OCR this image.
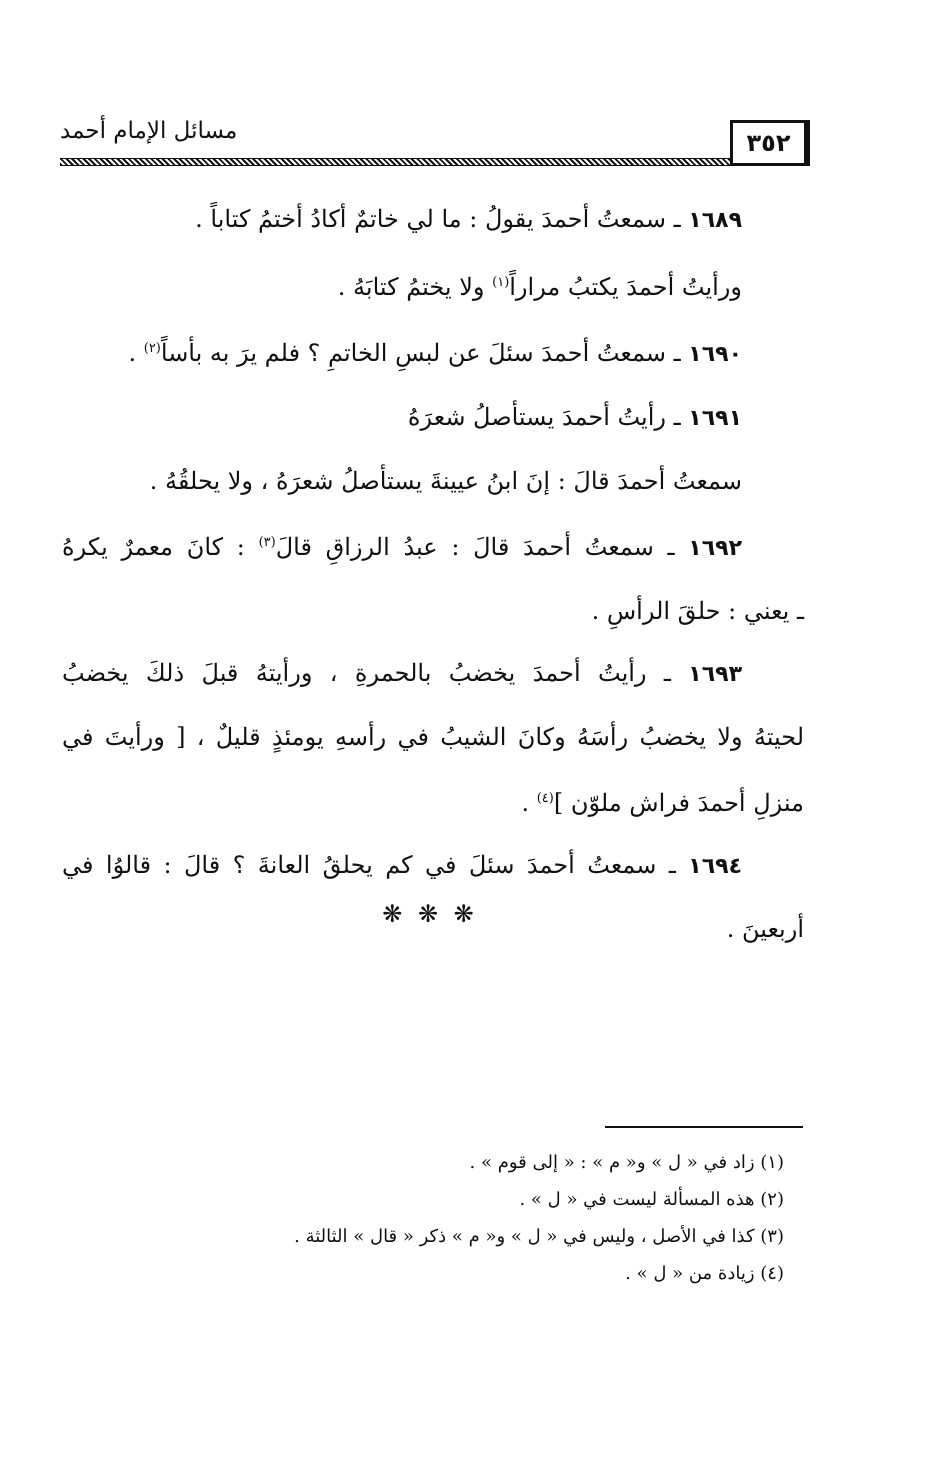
٣٥٢
مسائل الإمام أحمد
١٦٨٩ ـ سمعتُ أحمدَ يقولُ : ما لي خاتمٌ أكادُ أختمُ كتاباً .
ورأيتُ أحمدَ يكتبُ مراراً$^{(١)}$ ولا يختمُ كتابَهُ .
١٦٩٠ ـ سمعتُ أحمدَ سئلَ عن لبسِ الخاتمِ ؟ فلم يرَ به بأساً$^{(٢)}$ .
١٦٩١ ـ رأيتُ أحمدَ يستأصلُ شعرَهُ
سمعتُ أحمدَ قالَ : إنَ ابنُ عيينةَ يستأصلُ شعرَهُ ، ولا يحلقُهُ .
١٦٩٢ ـ سمعتُ أحمدَ قالَ : عبدُ الرزاقِ قالَ$^{(٣)}$ : كانَ معمرٌ يكرهُ
ـ يعني : حلقَ الرأسِ .
١٦٩٣ ـ رأيتُ أحمدَ يخضبُ بالحمرةِ ، ورأيتهُ قبلَ ذلكَ يخضبُ
لحيتهُ ولا يخضبُ رأسَهُ وكانَ الشيبُ في رأسهِ يومئذٍ قليلٌ ، [ ورأيتَ في
منزلِ أحمدَ فراش ملوّن ]$^{(٤)}$ .
١٦٩٤ ـ سمعتُ أحمدَ سئلَ في كم يحلقُ العانةَ ؟ قالَ : قالوُا في
أربعينَ .
❋ ❋ ❋
(١) زاد في « ل » و« م » : « إلى قوم » .
(٢) هذه المسألة ليست في « ل » .
(٣) كذا في الأصل ، وليس في « ل » و« م » ذكر « قال » الثالثة .
(٤) زيادة من « ل » .
